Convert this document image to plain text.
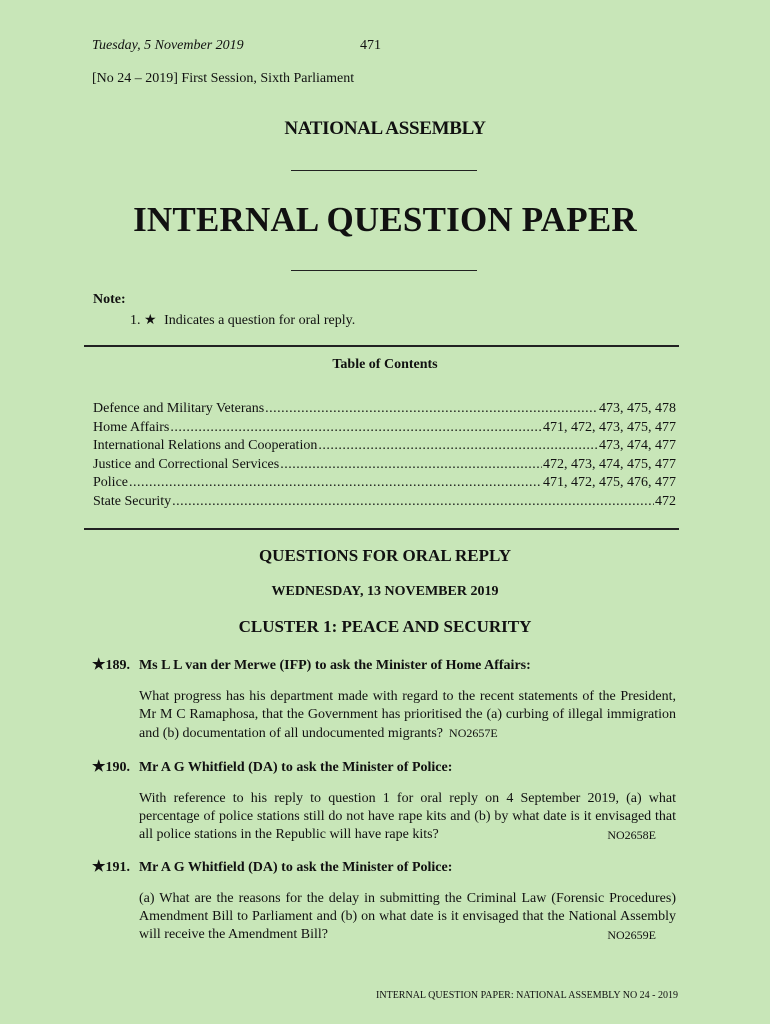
Tuesday, 5 November 2019	471
[No 24 – 2019] First Session, Sixth Parliament
NATIONAL ASSEMBLY
INTERNAL QUESTION PAPER
Note:
1. ★ Indicates a question for oral reply.
Table of Contents
Defence and Military Veterans .....	473, 475, 478
Home Affairs .....	471, 472, 473, 475, 477
International Relations and Cooperation .....	473, 474, 477
Justice and Correctional Services .....	472, 473, 474, 475, 477
Police .....	471, 472, 475, 476, 477
State Security .....	472
QUESTIONS FOR ORAL REPLY
WEDNESDAY, 13 NOVEMBER 2019
CLUSTER 1: PEACE AND SECURITY
★189. Ms L L van der Merwe (IFP) to ask the Minister of Home Affairs:
What progress has his department made with regard to the recent statements of the President, Mr M C Ramaphosa, that the Government has prioritised the (a) curbing of illegal immigration and (b) documentation of all undocumented migrants? NO2657E
★190. Mr A G Whitfield (DA) to ask the Minister of Police:
With reference to his reply to question 1 for oral reply on 4 September 2019, (a) what percentage of police stations still do not have rape kits and (b) by what date is it envisaged that all police stations in the Republic will have rape kits?	NO2658E
★191. Mr A G Whitfield (DA) to ask the Minister of Police:
(a) What are the reasons for the delay in submitting the Criminal Law (Forensic Procedures) Amendment Bill to Parliament and (b) on what date is it envisaged that the National Assembly will receive the Amendment Bill?	NO2659E
INTERNAL QUESTION PAPER: NATIONAL ASSEMBLY NO 24 - 2019
